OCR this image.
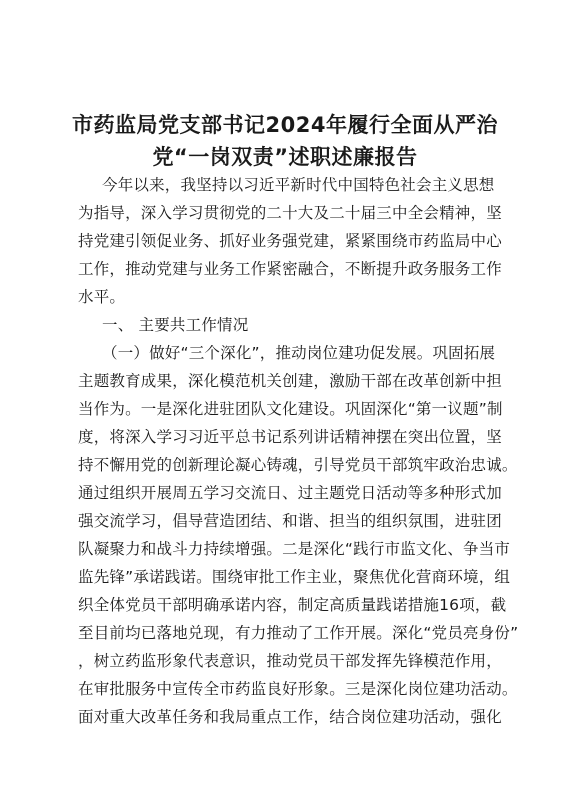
市药监局党支部书记2024年履行全面从严治
党“一岗双责”述职述廉报告
今年以来，我坚持以习近平新时代中国特色社会主义思想
为指导，深入学习贯彻党的二十大及二十届三中全会精神，坚
持党建引领促业务、抓好业务强党建，紧紧围绕市药监局中心
工作，推动党建与业务工作紧密融合，不断提升政务服务工作
水平。
一、 主要共工作情况
（一）做好“三个深化”，推动岗位建功促发展。巩固拓展
主题教育成果，深化模范机关创建，激励干部在改革创新中担
当作为。一是深化进驻团队文化建设。巩固深化“第一议题”制
度，将深入学习习近平总书记系列讲话精神摆在突出位置，坚
持不懈用党的创新理论凝心铸魂，引导党员干部筑牢政治忠诚。
通过组织开展周五学习交流日、过主题党日活动等多种形式加
强交流学习，倡导营造团结、和谐、担当的组织氛围，进驻团
队凝聚力和战斗力持续增强。二是深化“践行市监文化、争当市
监先锋”承诺践诺。围绕审批工作主业，聚焦优化营商环境，组
织全体党员干部明确承诺内容，制定高质量践诺措施16项，截
至目前均已落地兑现，有力推动了工作开展。深化“党员亮身份”
，树立药监形象代表意识，推动党员干部发挥先锋模范作用，
在审批服务中宣传全市药监良好形象。三是深化岗位建功活动。
面对重大改革任务和我局重点工作，结合岗位建功活动，强化
